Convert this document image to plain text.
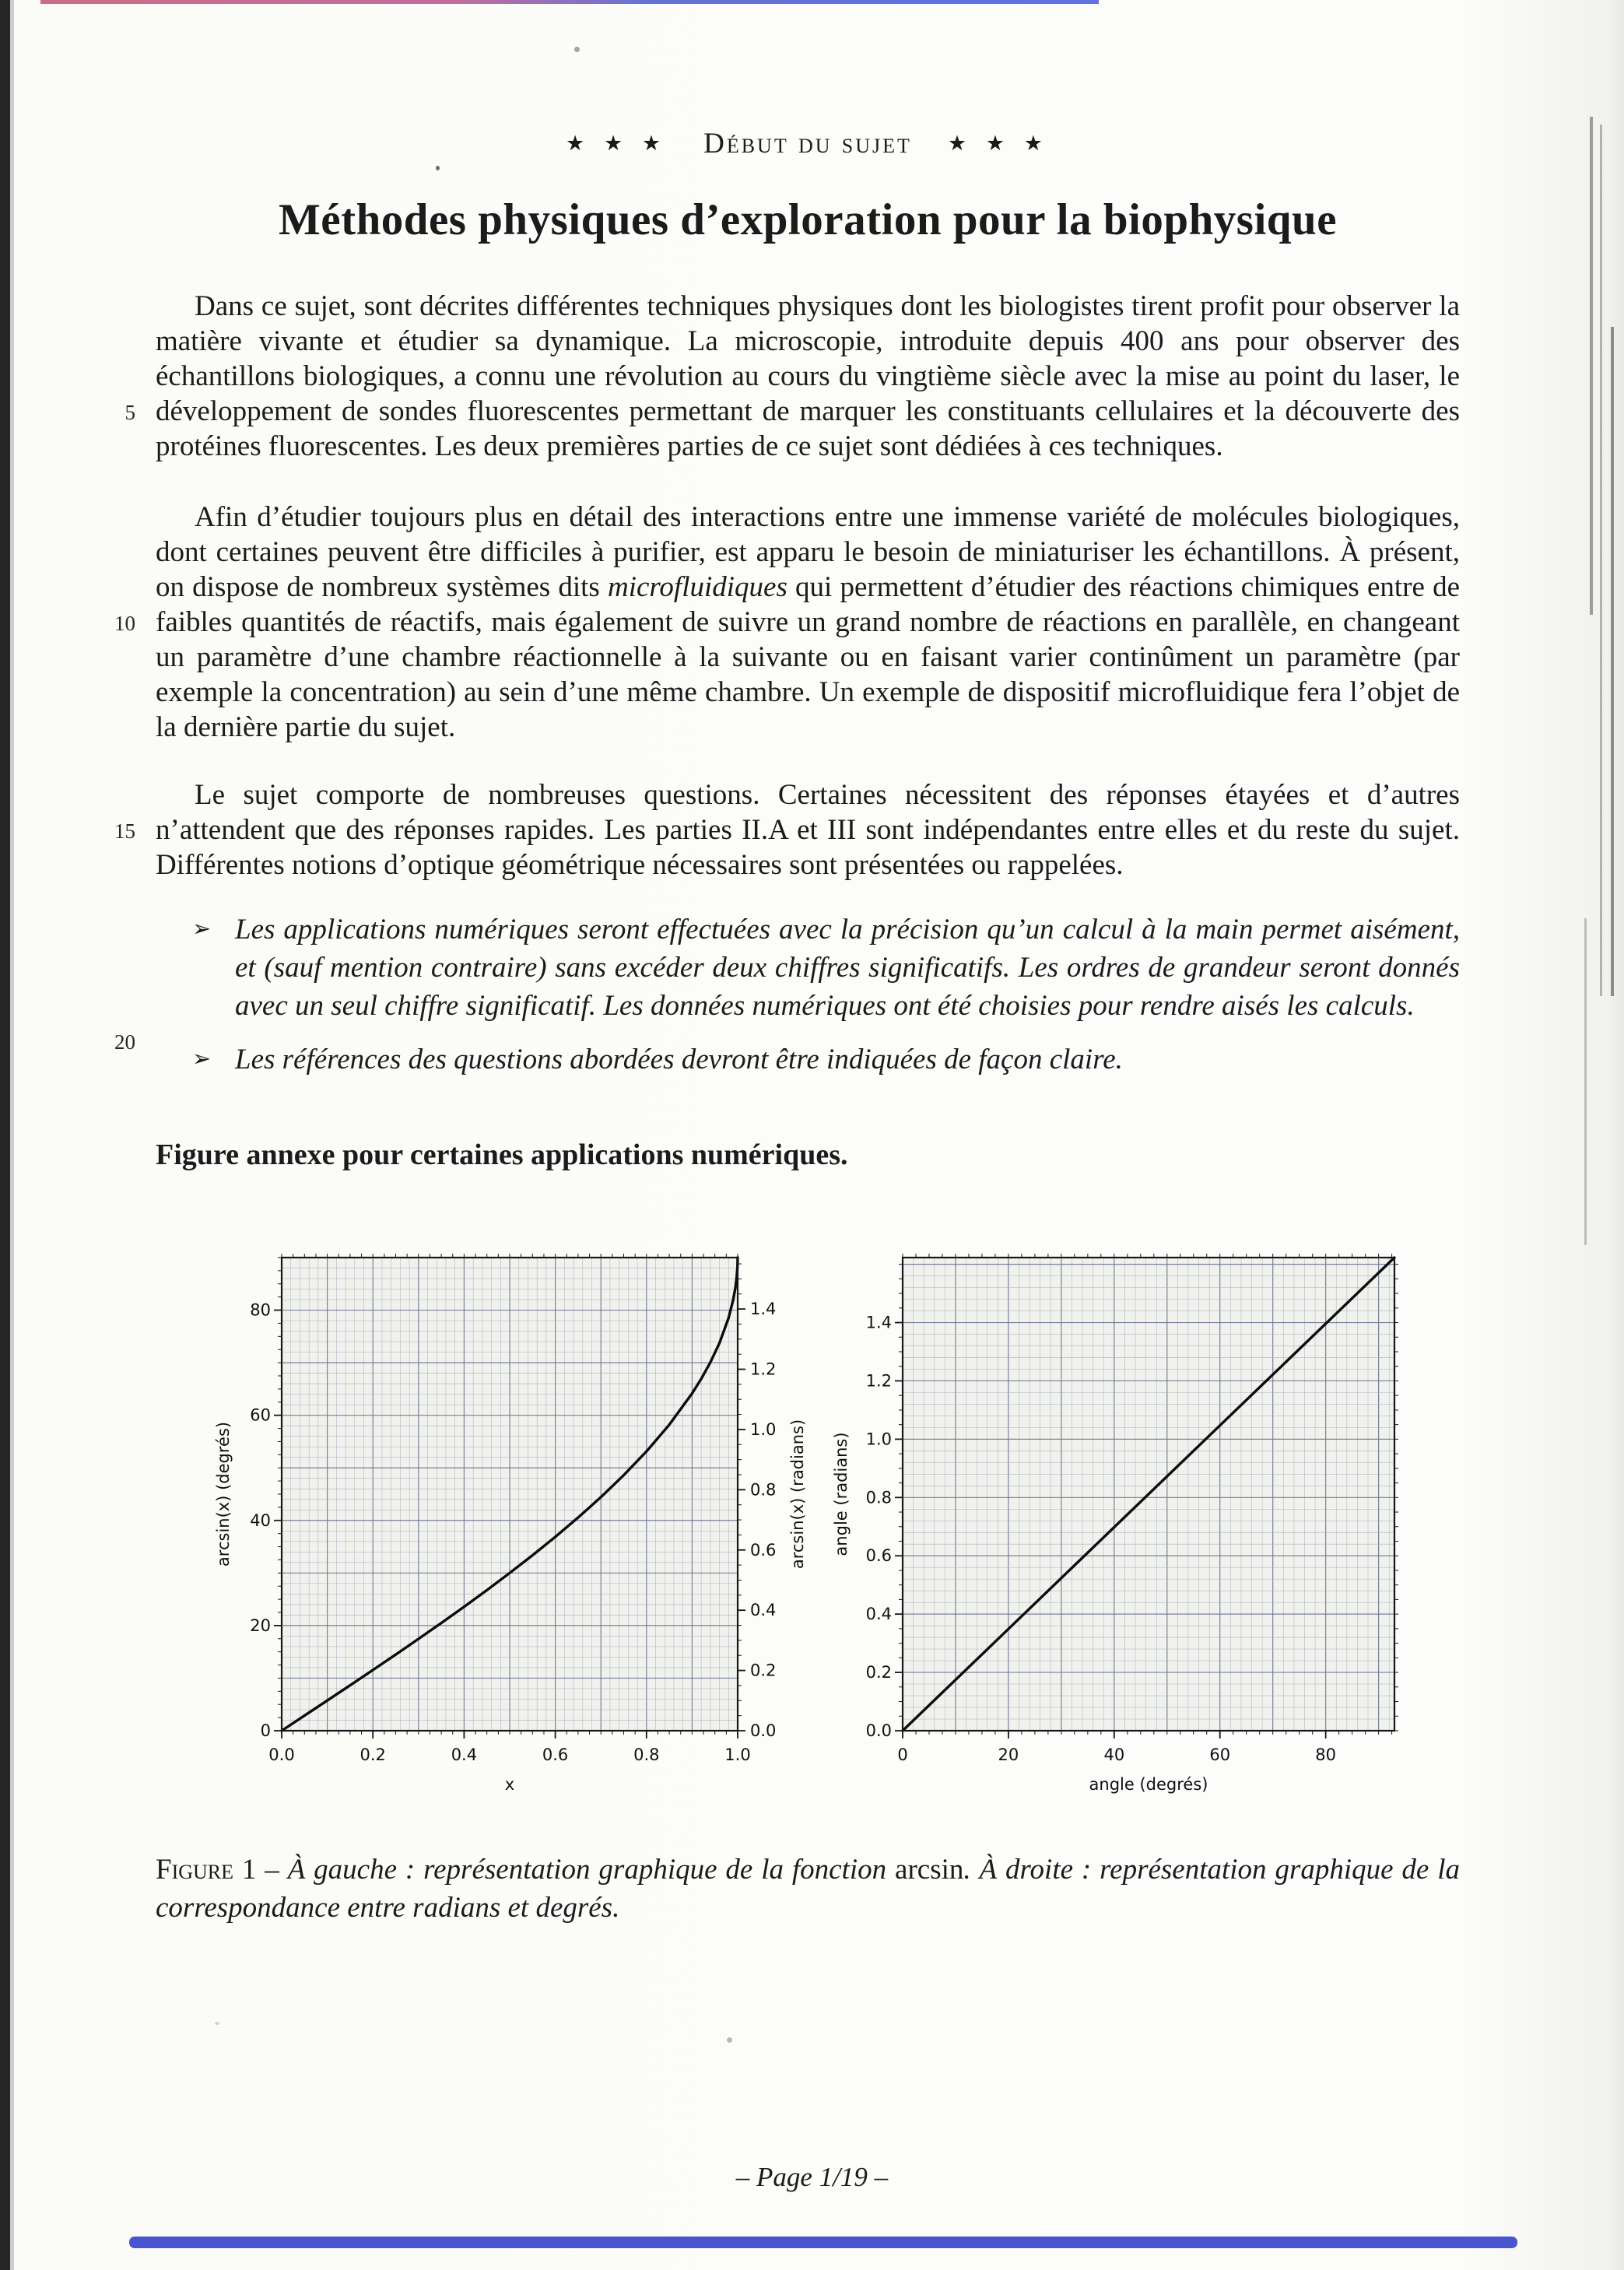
5
10
15
20
★ ★ ★ Début du sujet ★ ★ ★
Méthodes physiques d’exploration pour la biophysique

Dans ce sujet, sont décrites différentes techniques physiques dont les biologistes tirent profit pour observer la matière vivante et étudier sa dynamique. La microscopie, introduite depuis 400 ans pour observer des échantillons biologiques, a connu une révolution au cours du vingtième siècle avec la mise au point du laser, le développement de sondes fluorescentes permettant de marquer les constituants cellulaires et la découverte des protéines fluorescentes. Les deux premières parties de ce sujet sont dédiées à ces techniques.

Afin d’étudier toujours plus en détail des interactions entre une immense variété de molécules biologiques, dont certaines peuvent être difficiles à purifier, est apparu le besoin de miniaturiser les échantillons. À présent, on dispose de nombreux systèmes dits microfluidiques qui permettent d’étudier des réactions chimiques entre de faibles quantités de réactifs, mais également de suivre un grand nombre de réactions en parallèle, en changeant un paramètre d’une chambre réactionnelle à la suivante ou en faisant varier continûment un paramètre (par exemple la concentration) au sein d’une même chambre. Un exemple de dispositif microfluidique fera l’objet de la dernière partie du sujet.

Le sujet comporte de nombreuses questions. Certaines nécessitent des réponses étayées et d’autres n’attendent que des réponses rapides. Les parties II.A et III sont indépendantes entre elles et du reste du sujet. Différentes notions d’optique géométrique nécessaires sont présentées ou rappelées.

➢ Les applications numériques seront effectuées avec la précision qu’un calcul à la main permet aisément, et (sauf mention contraire) sans excéder deux chiffres significatifs. Les ordres de grandeur seront donnés avec un seul chiffre significatif. Les données numériques ont été choisies pour rendre aisés les calculs.
➢ Les références des questions abordées devront être indiquées de façon claire.
Figure annexe pour certaines applications numériques.
0.0	0.2	0.4	0.6	0.8	1.0
0
20
40
60
80
0.0
0.2
0.4
0.6
0.8
1.0
1.2
1.4
arcsin(x) (radians)
x
arcsin(x) (degrés)
0	20	40	60	80
0.0
0.2
0.4
0.6
0.8
1.0
1.2
1.4
angle (degrés)
angle (radians)

Figure 1 – À gauche : représentation graphique de la fonction arcsin. À droite : représentation graphique de la correspondance entre radians et degrés.

– Page 1/19 –
